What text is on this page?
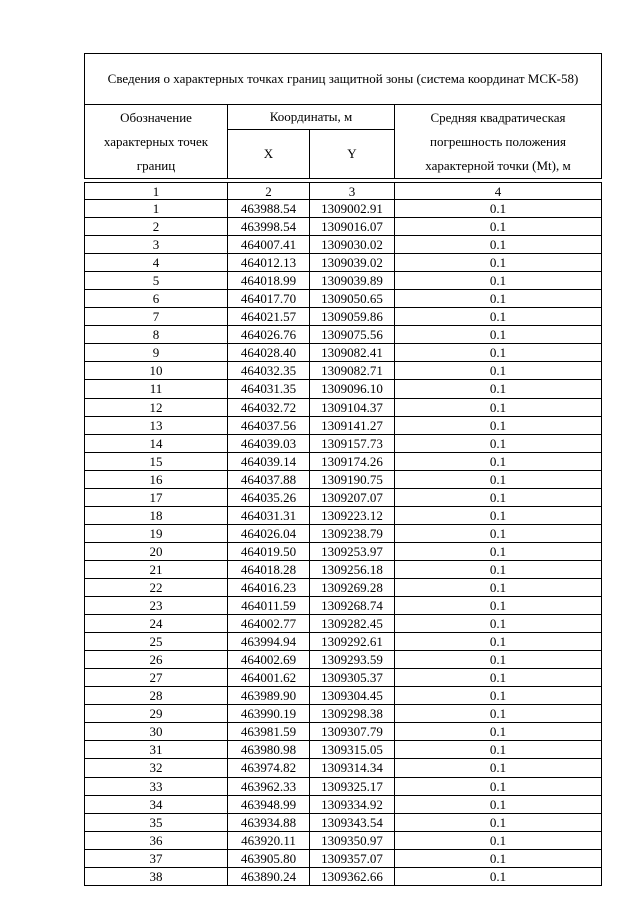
Сведения о характерных точках границ защитной зоны (система координат МСК-58)			
Обозначение характерных точек границ	Координаты, м		Средняя квадратическая погрешность положения характерной точки (Mt), м
	X	Y	
1	2	3	4
1	463988.54	1309002.91	0.1
2	463998.54	1309016.07	0.1
3	464007.41	1309030.02	0.1
4	464012.13	1309039.02	0.1
5	464018.99	1309039.89	0.1
6	464017.70	1309050.65	0.1
7	464021.57	1309059.86	0.1
8	464026.76	1309075.56	0.1
9	464028.40	1309082.41	0.1
10	464032.35	1309082.71	0.1
11	464031.35	1309096.10	0.1
12	464032.72	1309104.37	0.1
13	464037.56	1309141.27	0.1
14	464039.03	1309157.73	0.1
15	464039.14	1309174.26	0.1
16	464037.88	1309190.75	0.1
17	464035.26	1309207.07	0.1
18	464031.31	1309223.12	0.1
19	464026.04	1309238.79	0.1
20	464019.50	1309253.97	0.1
21	464018.28	1309256.18	0.1
22	464016.23	1309269.28	0.1
23	464011.59	1309268.74	0.1
24	464002.77	1309282.45	0.1
25	463994.94	1309292.61	0.1
26	464002.69	1309293.59	0.1
27	464001.62	1309305.37	0.1
28	463989.90	1309304.45	0.1
29	463990.19	1309298.38	0.1
30	463981.59	1309307.79	0.1
31	463980.98	1309315.05	0.1
32	463974.82	1309314.34	0.1
33	463962.33	1309325.17	0.1
34	463948.99	1309334.92	0.1
35	463934.88	1309343.54	0.1
36	463920.11	1309350.97	0.1
37	463905.80	1309357.07	0.1
38	463890.24	1309362.66	0.1
